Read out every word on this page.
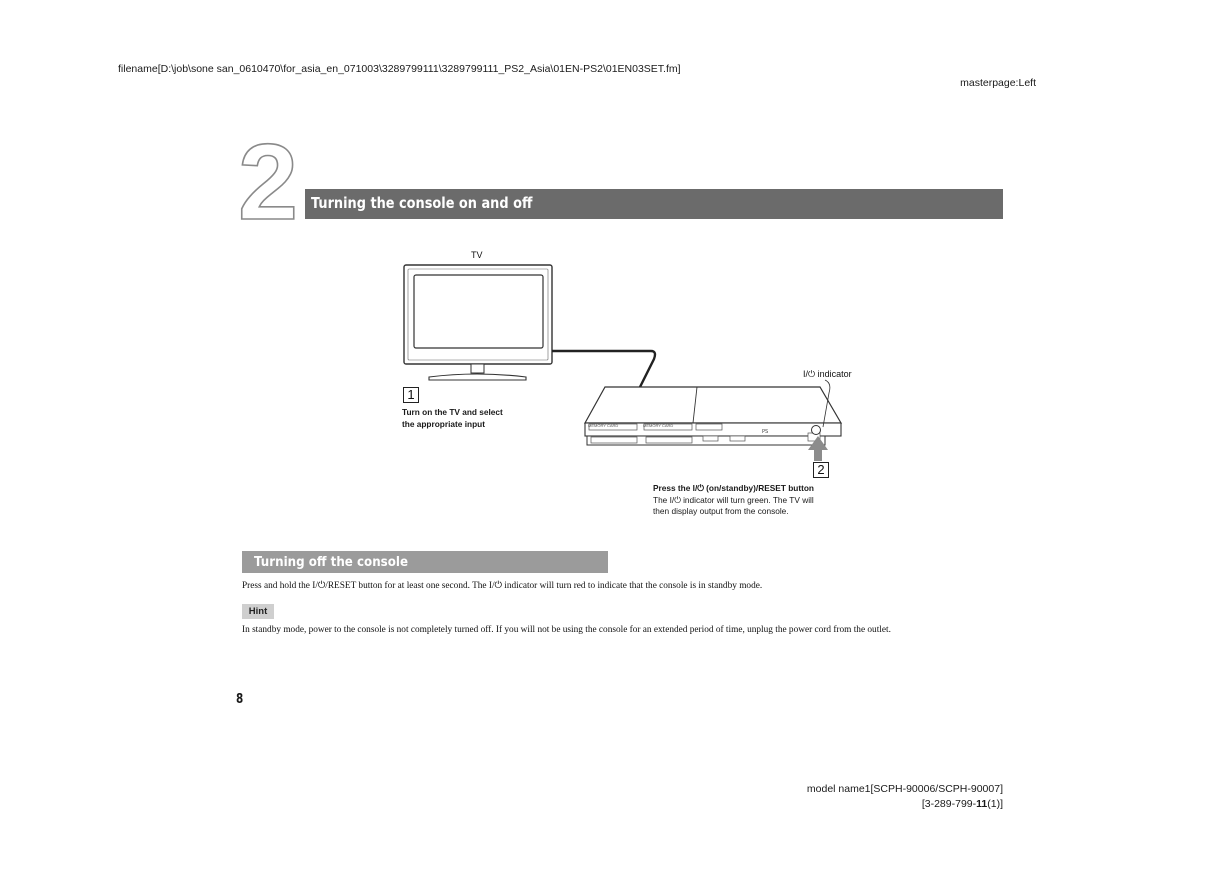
filename[D:\job\sone san_0610470\for_asia_en_071003\3289799111\3289799111_PS2_Asia\01EN-PS2\01EN03SET.fm]
masterpage:Left
2 Turning the console on and off
PS
MEMORY CARD	MEMORY CARD
TV
I/⏻ indicator
1
Turn on the TV and select
the appropriate input
2
Press the I/⏻ (on/standby)/RESET button
The I/⏻ indicator will turn green. The TV will
then display output from the console.
Turning off the console
Press and hold the I/⏻/RESET button for at least one second. The I/⏻ indicator will turn red to indicate that the console is in standby mode.
Hint
In standby mode, power to the console is not completely turned off. If you will not be using the console for an extended period of time, unplug the power cord from the outlet.
8
model name1[SCPH-90006/SCPH-90007]
[3-289-799-11(1)]
